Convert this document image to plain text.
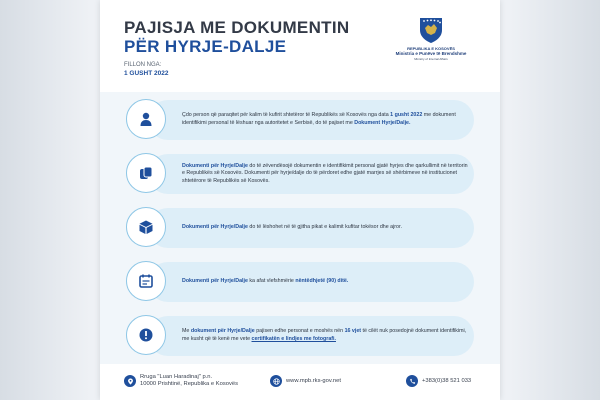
PAJISJA ME DOKUMENTIN
PËR HYRJE-DALJE
FILLON NGA:
1 GUSHT 2022
REPUBLIKA E KOSOVËS
Ministria e Punëve të Brendshme
Ministry of Internal Affairs
Çdo person që paraqitet për kalim të kufirit shtetëror të Republikës së Kosovës nga data 1 gusht 2022 me dokument identifikimi personal të lëshuar nga autoritetet e Serbisë, do të pajiset me Dokument Hyrje/Dalje.
Dokumenti për Hyrje/Dalje do të zëvendësojë dokumentin e identifikimit personal gjatë hyrjes dhe qarkullimit në territorin e Republikës së Kosovës. Dokumenti për hyrje/dalje do të përdoret edhe gjatë marrjes së shërbimeve në institucionet shtetërore të Republikës së Kosovës.
Dokumenti për Hyrje/Dalje do të lëshohet në të gjitha pikat e kalimit kufitar tokësor dhe ajror.
Dokumenti për Hyrje/Dalje ka afat vlefshmërie nëntëdhjetë (90) ditë.
Me dokument për Hyrje/Dalje pajisen edhe personat e moshës nën 16 vjet të cilët nuk posedojnë dokument identifikimi, me kusht që të kenë me vete certifikatën e lindjes me fotografi.
Rruga "Luan Haradinaj" p.n.
10000 Prishtinë, Republika e Kosovës	www.mpb.rks-gov.net	+383(0)38 521 033
